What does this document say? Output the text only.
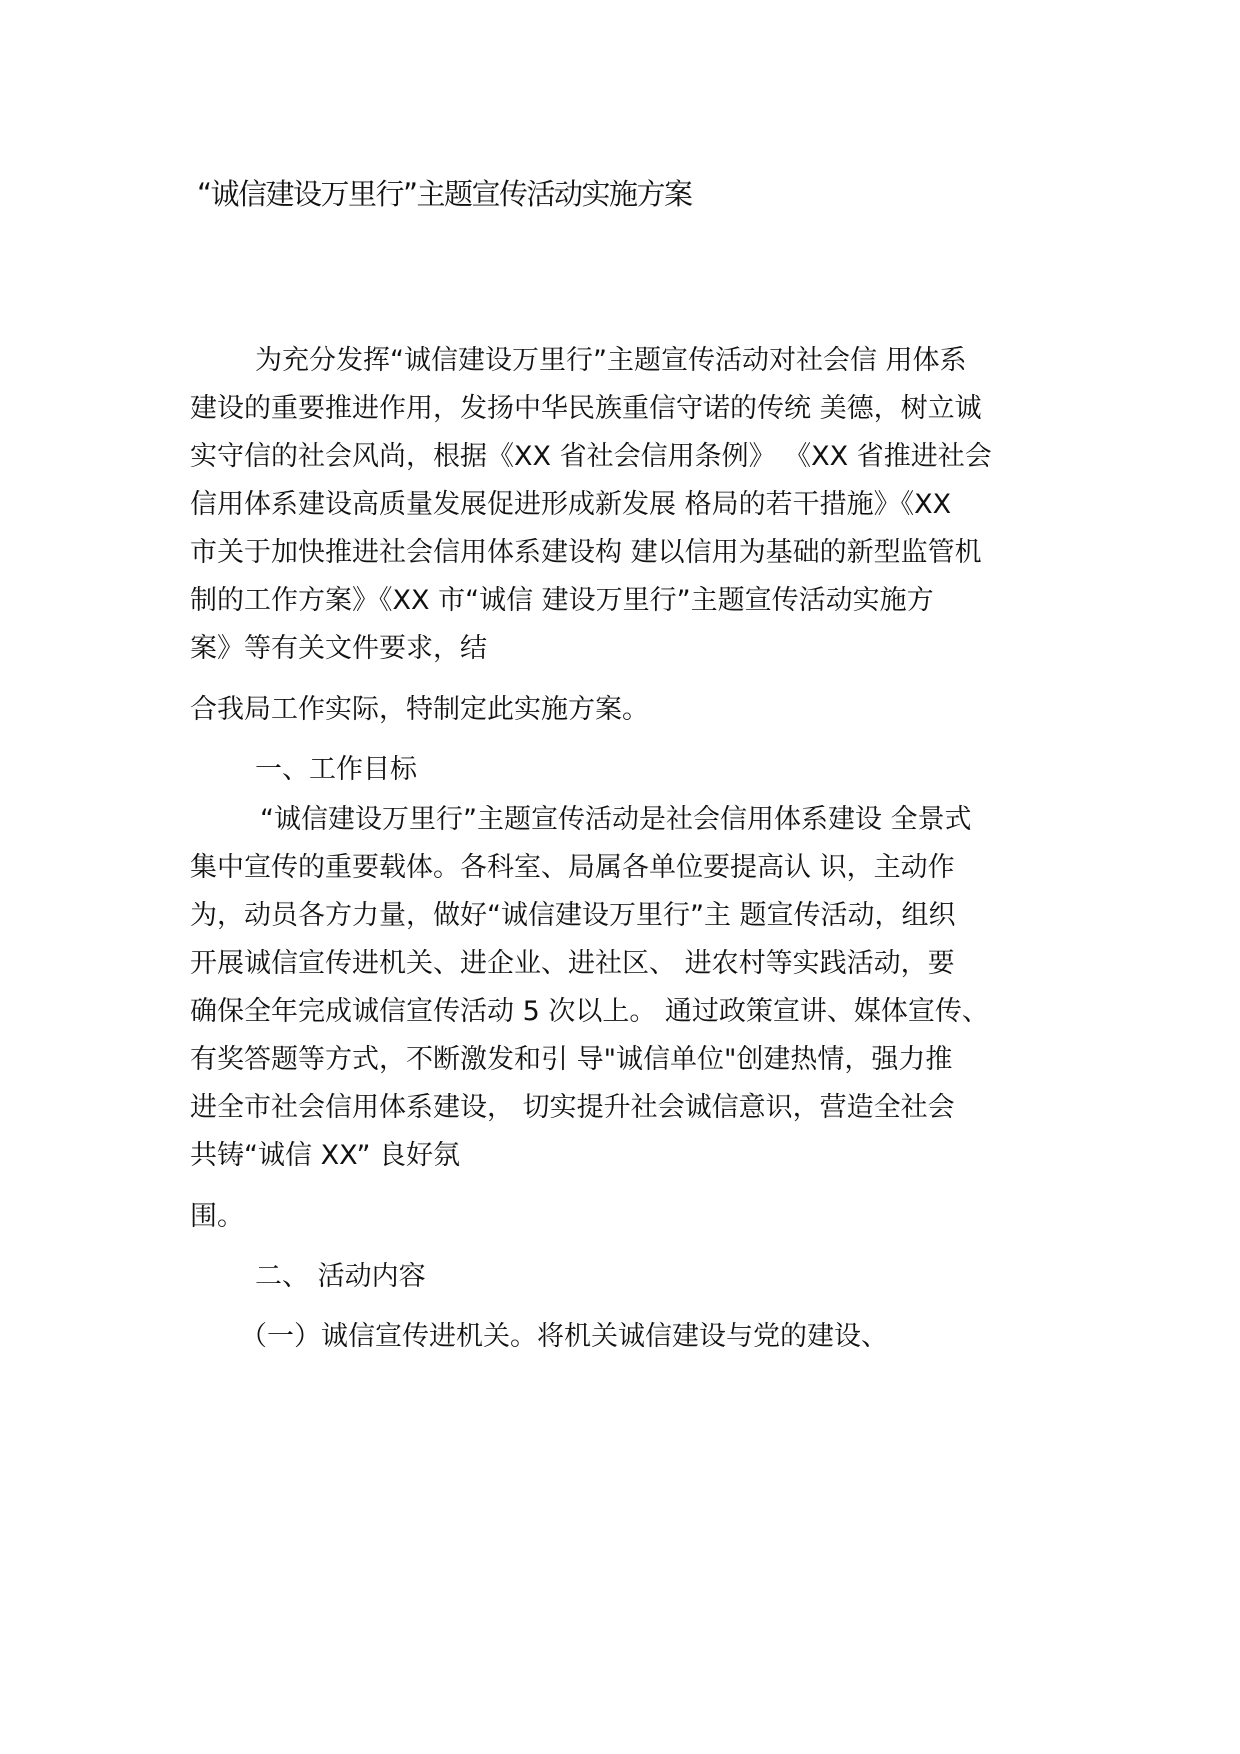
“诚信建设万里行”主题宣传活动实施方案
为充分发挥“诚信建设万里行”主题宣传活动对社会信 用体系
建设的重要推进作用，发扬中华民族重信守诺的传统 美德，树立诚
实守信的社会风尚，根据《XX 省社会信用条例》 《XX 省推进社会
信用体系建设高质量发展促进形成新发展 格局的若干措施》《XX
市关于加快推进社会信用体系建设构 建以信用为基础的新型监管机
制的工作方案》《XX 市“诚信 建设万里行”主题宣传活动实施方
案》等有关文件要求，结
合我局工作实际，特制定此实施方案。
一、工作目标
“诚信建设万里行”主题宣传活动是社会信用体系建设 全景式
集中宣传的重要载体。各科室、局属各单位要提高认 识，主动作
为，动员各方力量，做好“诚信建设万里行”主 题宣传活动，组织
开展诚信宣传进机关、进企业、进社区、 进农村等实践活动，要
确保全年完成诚信宣传活动 5 次以上。 通过政策宣讲、媒体宣传、
有奖答题等方式，不断激发和引 导"诚信单位"创建热情，强力推
进全市社会信用体系建设， 切实提升社会诚信意识，营造全社会
共铸“诚信 XX” 良好氛
围。
二、 活动内容
（一）诚信宣传进机关。将机关诚信建设与党的建设、
